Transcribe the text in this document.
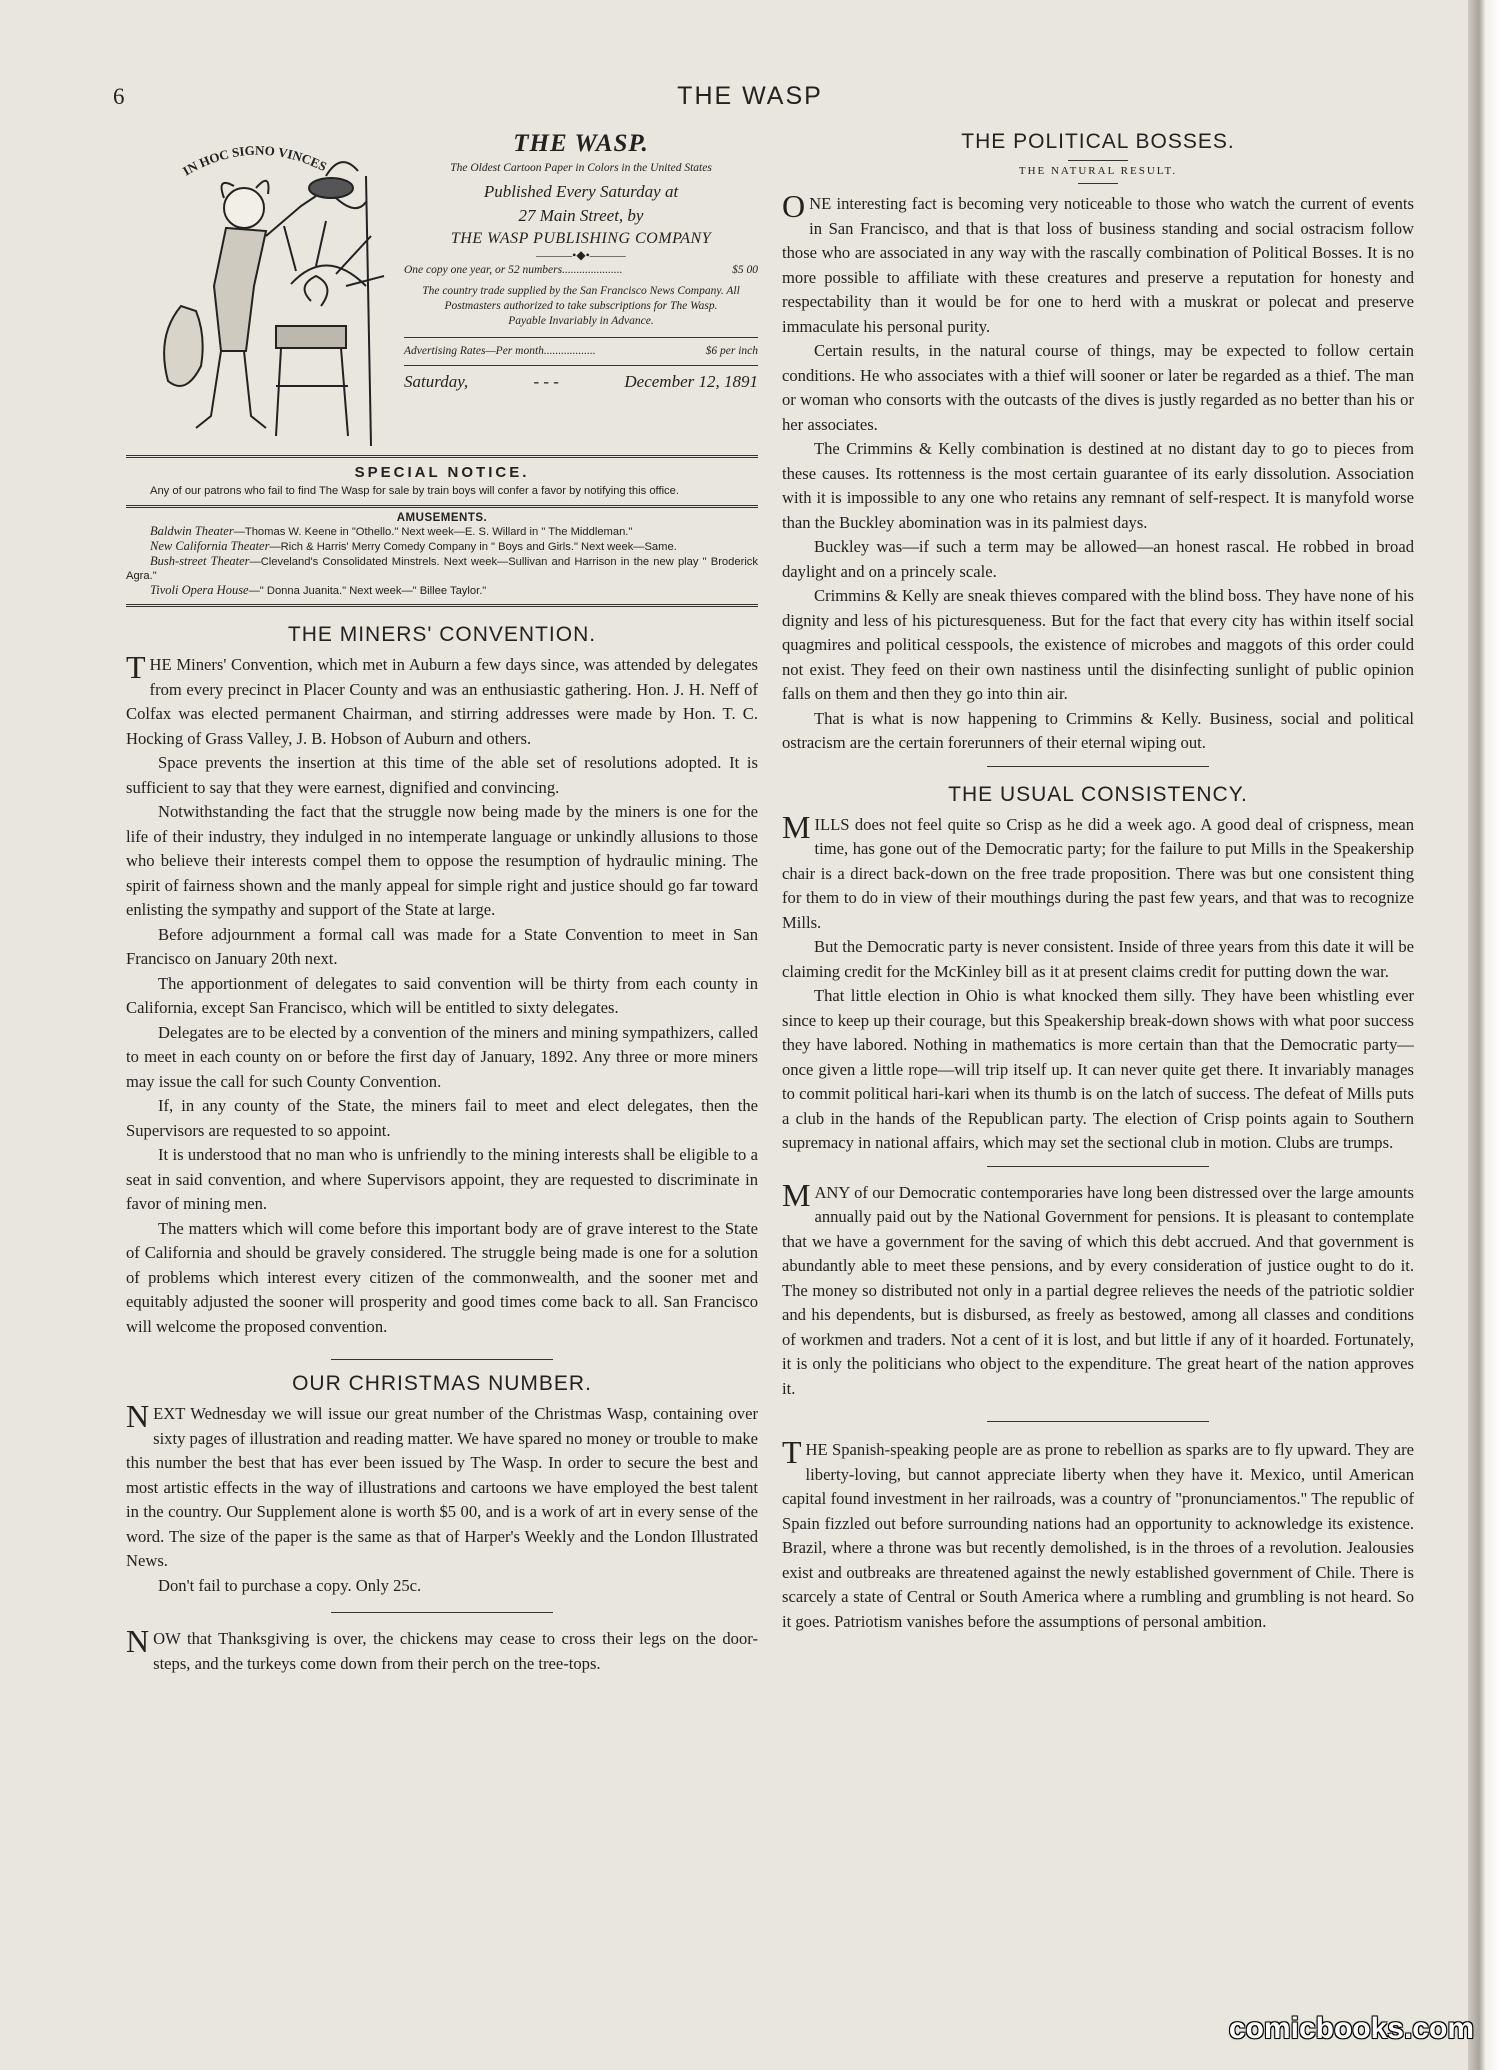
6	THE WASP
IN HOC SIGNO VINCES
THE WASP.
The Oldest Cartoon Paper in Colors in the United States
Published Every Saturday at
27 Main Street, by
THE WASP PUBLISHING COMPANY
———•◆•———
One copy one year, or 52 numbers.....................	$5 00
The country trade supplied by the San Francisco News Company. All Postmasters authorized to take subscriptions for The Wasp.
Payable Invariably in Advance.
Advertising Rates—Per month..................	$6 per inch
Saturday,	- - -	December 12, 1891
SPECIAL NOTICE.
Any of our patrons who fail to find The Wasp for sale by train boys will confer a favor by notifying this office.
AMUSEMENTS.

Baldwin Theater—Thomas W. Keene in "Othello." Next week—E. S. Willard in " The Middleman."

New California Theater—Rich & Harris' Merry Comedy Company in " Boys and Girls." Next week—Same.

Bush-street Theater—Cleveland's Consolidated Minstrels. Next week—Sullivan and Harrison in the new play " Broderick Agra."

Tivoli Opera House—" Donna Juanita." Next week—" Billee Taylor."

THE MINERS' CONVENTION.

THE Miners' Convention, which met in Auburn a few days since, was attended by delegates from every precinct in Placer County and was an enthusiastic gathering. Hon. J. H. Neff of Colfax was elected permanent Chairman, and stirring addresses were made by Hon. T. C. Hocking of Grass Valley, J. B. Hobson of Auburn and others.

Space prevents the insertion at this time of the able set of resolutions adopted. It is sufficient to say that they were earnest, dignified and convincing.

Notwithstanding the fact that the struggle now being made by the miners is one for the life of their industry, they indulged in no intemperate language or unkindly allusions to those who believe their interests compel them to oppose the resumption of hydraulic mining. The spirit of fairness shown and the manly appeal for simple right and justice should go far toward enlisting the sympathy and support of the State at large.

Before adjournment a formal call was made for a State Convention to meet in San Francisco on January 20th next.

The apportionment of delegates to said convention will be thirty from each county in California, except San Francisco, which will be entitled to sixty delegates.

Delegates are to be elected by a convention of the miners and mining sympathizers, called to meet in each county on or before the first day of January, 1892. Any three or more miners may issue the call for such County Convention.

If, in any county of the State, the miners fail to meet and elect delegates, then the Supervisors are requested to so appoint.

It is understood that no man who is unfriendly to the mining interests shall be eligible to a seat in said convention, and where Supervisors appoint, they are requested to discriminate in favor of mining men.

The matters which will come before this important body are of grave interest to the State of California and should be gravely considered. The struggle being made is one for a solution of problems which interest every citizen of the commonwealth, and the sooner met and equitably adjusted the sooner will prosperity and good times come back to all. San Francisco will welcome the proposed convention.

OUR CHRISTMAS NUMBER.

NEXT Wednesday we will issue our great number of the Christmas Wasp, containing over sixty pages of illustration and reading matter. We have spared no money or trouble to make this number the best that has ever been issued by The Wasp. In order to secure the best and most artistic effects in the way of illustrations and cartoons we have employed the best talent in the country. Our Supplement alone is worth $5 00, and is a work of art in every sense of the word. The size of the paper is the same as that of Harper's Weekly and the London Illustrated News.

Don't fail to purchase a copy. Only 25c.

NOW that Thanksgiving is over, the chickens may cease to cross their legs on the door-steps, and the turkeys come down from their perch on the tree-tops.

THE POLITICAL BOSSES.
THE NATURAL RESULT.

ONE interesting fact is becoming very noticeable to those who watch the current of events in San Francisco, and that is that loss of business standing and social ostracism follow those who are associated in any way with the rascally combination of Political Bosses. It is no more possible to affiliate with these creatures and preserve a reputation for honesty and respectability than it would be for one to herd with a muskrat or polecat and preserve immaculate his personal purity.

Certain results, in the natural course of things, may be expected to follow certain conditions. He who associates with a thief will sooner or later be regarded as a thief. The man or woman who consorts with the outcasts of the dives is justly regarded as no better than his or her associates.

The Crimmins & Kelly combination is destined at no distant day to go to pieces from these causes. Its rottenness is the most certain guarantee of its early dissolution. Association with it is impossible to any one who retains any remnant of self-respect. It is manyfold worse than the Buckley abomination was in its palmiest days.

Buckley was—if such a term may be allowed—an honest rascal. He robbed in broad daylight and on a princely scale.

Crimmins & Kelly are sneak thieves compared with the blind boss. They have none of his dignity and less of his picturesqueness. But for the fact that every city has within itself social quagmires and political cesspools, the existence of microbes and maggots of this order could not exist. They feed on their own nastiness until the disinfecting sunlight of public opinion falls on them and then they go into thin air.

That is what is now happening to Crimmins & Kelly. Business, social and political ostracism are the certain forerunners of their eternal wiping out.

THE USUAL CONSISTENCY.

MILLS does not feel quite so Crisp as he did a week ago. A good deal of crispness, mean time, has gone out of the Democratic party; for the failure to put Mills in the Speakership chair is a direct back-down on the free trade proposition. There was but one consistent thing for them to do in view of their mouthings during the past few years, and that was to recognize Mills.

But the Democratic party is never consistent. Inside of three years from this date it will be claiming credit for the McKinley bill as it at present claims credit for putting down the war.

That little election in Ohio is what knocked them silly. They have been whistling ever since to keep up their courage, but this Speakership break-down shows with what poor success they have labored. Nothing in mathematics is more certain than that the Democratic party—once given a little rope—will trip itself up. It can never quite get there. It invariably manages to commit political hari-kari when its thumb is on the latch of success. The defeat of Mills puts a club in the hands of the Republican party. The election of Crisp points again to Southern supremacy in national affairs, which may set the sectional club in motion. Clubs are trumps.

MANY of our Democratic contemporaries have long been distressed over the large amounts annually paid out by the National Government for pensions. It is pleasant to contemplate that we have a government for the saving of which this debt accrued. And that government is abundantly able to meet these pensions, and by every consideration of justice ought to do it. The money so distributed not only in a partial degree relieves the needs of the patriotic soldier and his dependents, but is disbursed, as freely as bestowed, among all classes and conditions of workmen and traders. Not a cent of it is lost, and but little if any of it hoarded. Fortunately, it is only the politicians who object to the expenditure. The great heart of the nation approves it.

THE Spanish-speaking people are as prone to rebellion as sparks are to fly upward. They are liberty-loving, but cannot appreciate liberty when they have it. Mexico, until American capital found investment in her railroads, was a country of "pronunciamentos." The republic of Spain fizzled out before surrounding nations had an opportunity to acknowledge its existence. Brazil, where a throne was but recently demolished, is in the throes of a revolution. Jealousies exist and outbreaks are threatened against the newly established government of Chile. There is scarcely a state of Central or South America where a rumbling and grumbling is not heard. So it goes. Patriotism vanishes before the assumptions of personal ambition.

comicbooks.com
